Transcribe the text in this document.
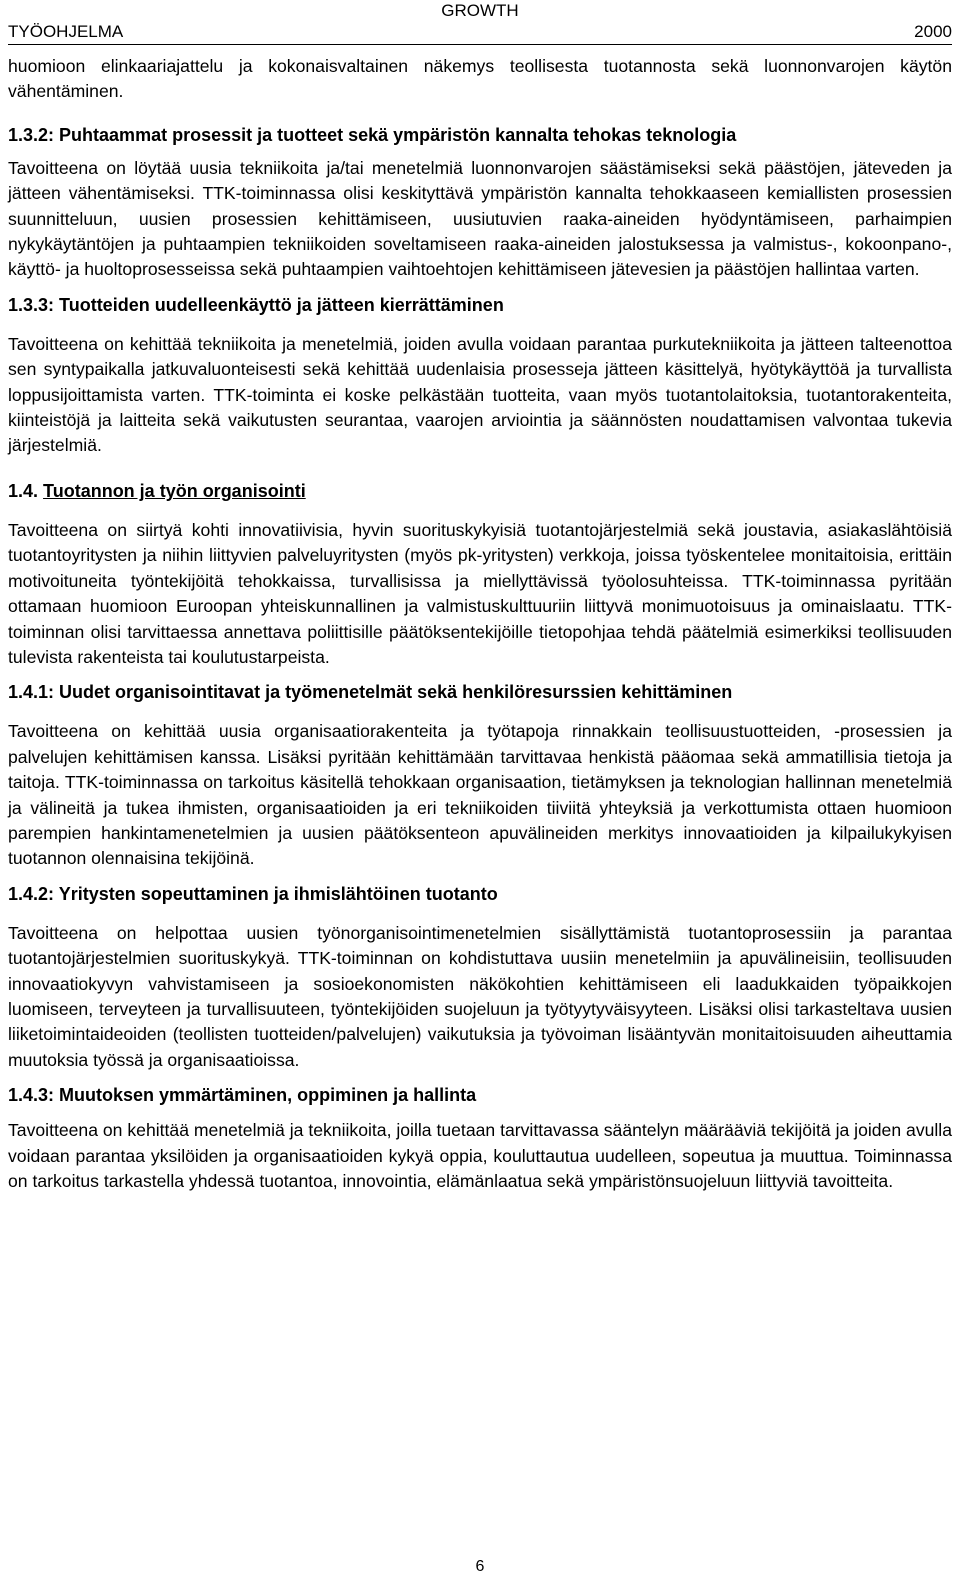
TYÖOHJELMA
GROWTH
2000

huomioon elinkaariajattelu ja kokonaisvaltainen näkemys teollisesta tuotannosta sekä luonnonvarojen käytön vähentäminen.

1.3.2: Puhtaammat prosessit ja tuotteet sekä ympäristön kannalta tehokas teknologia

Tavoitteena on löytää uusia tekniikoita ja/tai menetelmiä luonnonvarojen säästämiseksi sekä päästöjen, jäteveden ja jätteen vähentämiseksi. TTK-toiminnassa olisi keskityttävä ympäristön kannalta tehokkaaseen kemiallisten prosessien suunnitteluun, uusien prosessien kehittämiseen, uusiutuvien raaka-aineiden hyödyntämiseen, parhaimpien nykykäytäntöjen ja puhtaampien tekniikoiden soveltamiseen raaka-aineiden jalostuksessa ja valmistus-, kokoonpano-, käyttö- ja huoltoprosesseissa sekä puhtaampien vaihtoehtojen kehittämiseen jätevesien ja päästöjen hallintaa varten.

1.3.3: Tuotteiden uudelleenkäyttö ja jätteen kierrättäminen

Tavoitteena on kehittää tekniikoita ja menetelmiä, joiden avulla voidaan parantaa purkutekniikoita ja jätteen talteenottoa sen syntypaikalla jatkuvaluonteisesti sekä kehittää uudenlaisia prosesseja jätteen käsittelyä, hyötykäyttöä ja turvallista loppusijoittamista varten. TTK-toiminta ei koske pelkästään tuotteita, vaan myös tuotantolaitoksia, tuotantorakenteita, kiinteistöjä ja laitteita sekä vaikutusten seurantaa, vaarojen arviointia ja säännösten noudattamisen valvontaa tukevia järjestelmiä.

1.4. Tuotannon ja työn organisointi

Tavoitteena on siirtyä kohti innovatiivisia, hyvin suorituskykyisiä tuotantojärjestelmiä sekä joustavia, asiakaslähtöisiä tuotantoyritysten ja niihin liittyvien palveluyritysten (myös pk-yritysten) verkkoja, joissa työskentelee monitaitoisia, erittäin motivoituneita työntekijöitä tehokkaissa, turvallisissa ja miellyttävissä työolosuhteissa. TTK-toiminnassa pyritään ottamaan huomioon Euroopan yhteiskunnallinen ja valmistuskulttuuriin liittyvä monimuotoisuus ja ominaislaatu. TTK-toiminnan olisi tarvittaessa annettava poliittisille päätöksentekijöille tietopohjaa tehdä päätelmiä esimerkiksi teollisuuden tulevista rakenteista tai koulutustarpeista.

1.4.1: Uudet organisointitavat ja työmenetelmät sekä henkilöresurssien kehittäminen

Tavoitteena on kehittää uusia organisaatiorakenteita ja työtapoja rinnakkain teollisuustuotteiden, -prosessien ja palvelujen kehittämisen kanssa. Lisäksi pyritään kehittämään tarvittavaa henkistä pääomaa sekä ammatillisia tietoja ja taitoja. TTK-toiminnassa on tarkoitus käsitellä tehokkaan organisaation, tietämyksen ja teknologian hallinnan menetelmiä ja välineitä ja tukea ihmisten, organisaatioiden ja eri tekniikoiden tiiviitä yhteyksiä ja verkottumista ottaen huomioon parempien hankintamenetelmien ja uusien päätöksenteon apuvälineiden merkitys innovaatioiden ja kilpailukykyisen tuotannon olennaisina tekijöinä.

1.4.2: Yritysten sopeuttaminen ja ihmislähtöinen tuotanto

Tavoitteena on helpottaa uusien työnorganisointimenetelmien sisällyttämistä tuotantoprosessiin ja parantaa tuotantojärjestelmien suorituskykyä. TTK-toiminnan on kohdistuttava uusiin menetelmiin ja apuvälineisiin, teollisuuden innovaatiokyvyn vahvistamiseen ja sosioekonomisten näkökohtien kehittämiseen eli laadukkaiden työpaikkojen luomiseen, terveyteen ja turvallisuuteen, työntekijöiden suojeluun ja työtyytyväisyyteen. Lisäksi olisi tarkasteltava uusien liiketoimintaideoiden (teollisten tuotteiden/palvelujen) vaikutuksia ja työvoiman lisääntyvän monitaitoisuuden aiheuttamia muutoksia työssä ja organisaatioissa.

1.4.3: Muutoksen ymmärtäminen, oppiminen ja hallinta

Tavoitteena on kehittää menetelmiä ja tekniikoita, joilla tuetaan tarvittavassa sääntelyn määrääviä tekijöitä ja joiden avulla voidaan parantaa yksilöiden ja organisaatioiden kykyä oppia, kouluttautua uudelleen, sopeutua ja muuttua. Toiminnassa on tarkoitus tarkastella yhdessä tuotantoa, innovointia, elämänlaatua sekä ympäristönsuojeluun liittyviä tavoitteita.

6
